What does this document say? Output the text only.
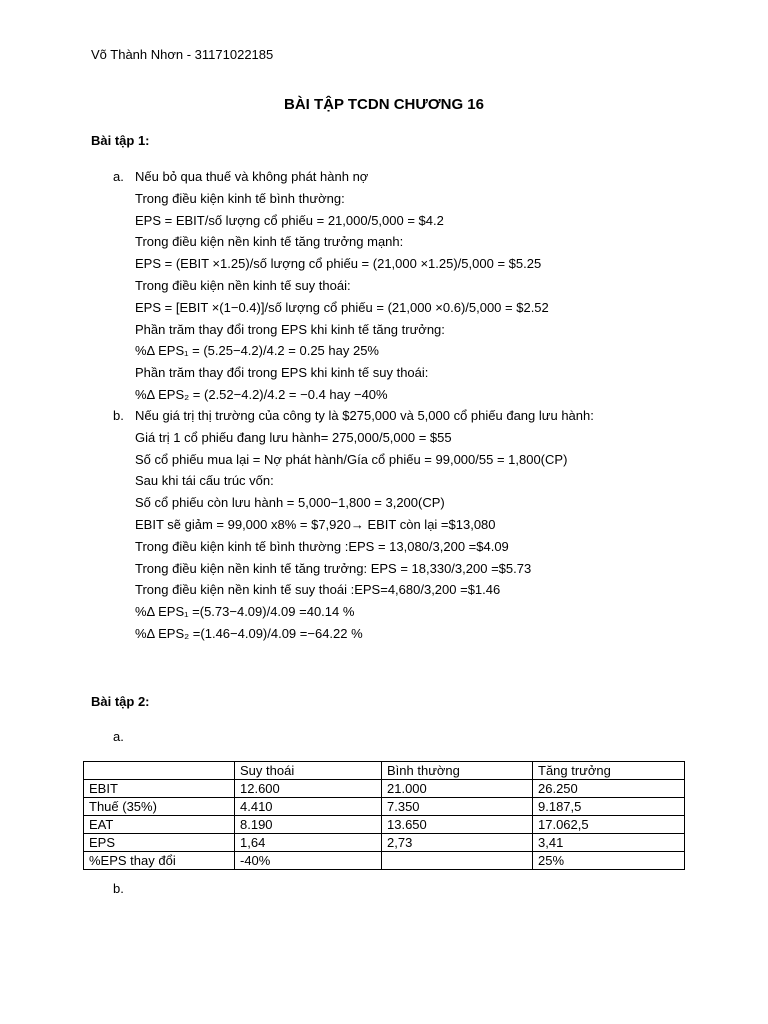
Võ Thành Nhơn - 31171022185
BÀI TẬP TCDN CHƯƠNG 16
Bài tập 1:
a. Nếu bỏ qua thuế và không phát hành nợ
Trong điều kiện kinh tế bình thường:
EPS = EBIT/số lượng cổ phiếu = 21,000/5,000 = $4.2
Trong điều kiện nền kinh tế tăng trưởng mạnh:
EPS = (EBIT ×1.25)/số lượng cổ phiếu = (21,000 ×1.25)/5,000 = $5.25
Trong điều kiện nền kinh tế suy thoái:
EPS = [EBIT ×(1−0.4)]/số lượng cổ phiếu = (21,000 ×0.6)/5,000 = $2.52
Phần trăm thay đổi trong EPS khi kinh tế tăng trưởng:
%Δ EPS₁ = (5.25−4.2)/4.2 = 0.25 hay 25%
Phần trăm thay đổi trong EPS khi kinh tế suy thoái:
%Δ EPS₂ = (2.52−4.2)/4.2 = −0.4 hay −40%
b. Nếu giá trị thị trường của công ty là $275,000 và 5,000 cổ phiếu đang lưu hành:
Giá trị 1 cổ phiếu đang lưu hành= 275,000/5,000 = $55
Số cổ phiếu mua lại = Nợ phát hành/Gía cổ phiếu = 99,000/55 = 1,800(CP)
Sau khi tái cấu trúc vốn:
Số cổ phiếu còn lưu hành = 5,000−1,800 = 3,200(CP)
EBIT sẽ giảm = 99,000 x8% = $7,920→ EBIT còn lại =$13,080
Trong điều kiện kinh tế bình thường :EPS = 13,080/3,200 =$4.09
Trong điều kiện nền kinh tế tăng trưởng: EPS = 18,330/3,200 =$5.73
Trong điều kiện nền kinh tế suy thoái :EPS=4,680/3,200 =$1.46
%Δ EPS₁ =(5.73−4.09)/4.09 =40.14 %
%Δ EPS₂ =(1.46−4.09)/4.09 =−64.22 %
Bài tập 2:
a.
	Suy thoái	Bình thường	Tăng trưởng
EBIT	12.600	21.000	26.250
Thuế (35%)	4.410	7.350	9.187,5
EAT	8.190	13.650	17.062,5
EPS	1,64	2,73	3,41
%EPS thay đổi	-40%		25%
b.
